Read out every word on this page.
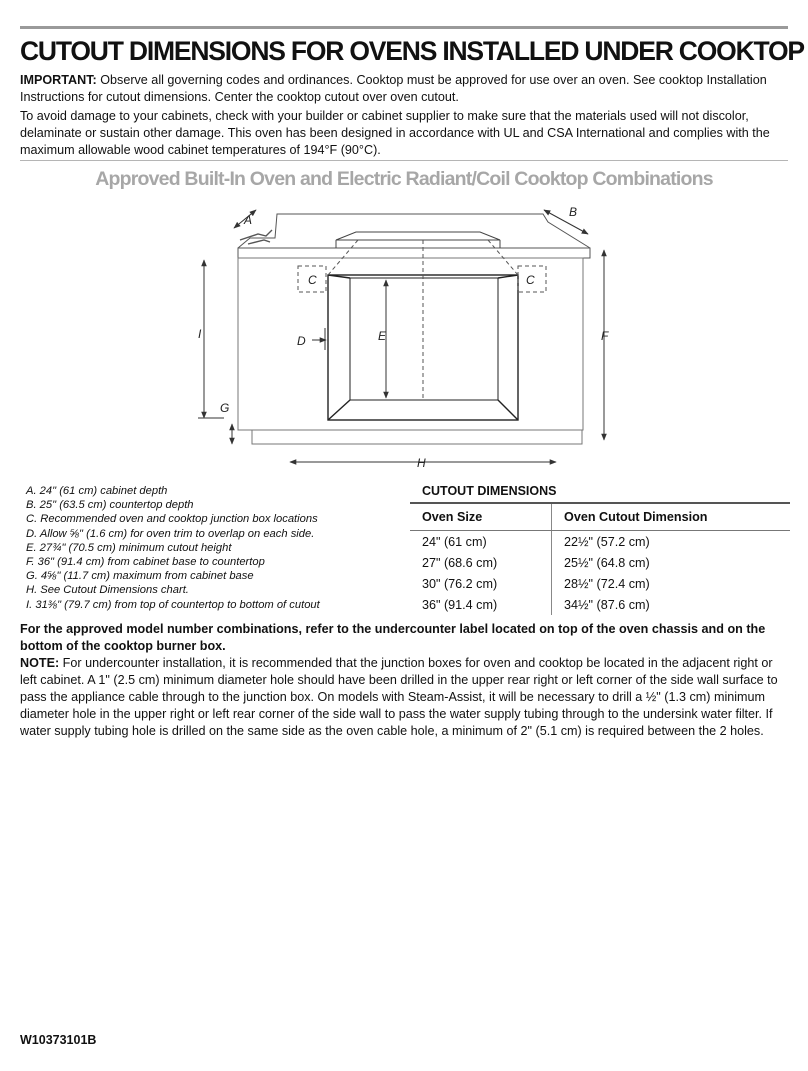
CUTOUT DIMENSIONS FOR OVENS INSTALLED UNDER COOKTOP

IMPORTANT: Observe all governing codes and ordinances. Cooktop must be approved for use over an oven. See cooktop Installation Instructions for cutout dimensions. Center the cooktop cutout over oven cutout.

To avoid damage to your cabinets, check with your builder or cabinet supplier to make sure that the materials used will not discolor, delaminate or sustain other damage. This oven has been designed in accordance with UL and CSA International and complies with the maximum allowable wood cabinet temperatures of 194°F (90°C).

Approved Built-In Oven and Electric Radiant/Coil Cooktop Combinations
A
B
C	C
D	E	F
G
H
I
A. 24" (61 cm) cabinet depth
B. 25" (63.5 cm) countertop depth
C. Recommended oven and cooktop junction box locations
D. Allow ⅝" (1.6 cm) for oven trim to overlap on each side.
E. 27¾" (70.5 cm) minimum cutout height
F. 36" (91.4 cm) from cabinet base to countertop
G. 4⅝" (11.7 cm) maximum from cabinet base
H. See Cutout Dimensions chart.
I. 31⅜" (79.7 cm) from top of countertop to bottom of cutout
CUTOUT DIMENSIONS
Oven Size	Oven Cutout Dimension
24" (61 cm)	22½" (57.2 cm)
27" (68.6 cm)	25½" (64.8 cm)
30" (76.2 cm)	28½" (72.4 cm)
36" (91.4 cm)	34½" (87.6 cm)

For the approved model number combinations, refer to the undercounter label located on top of the oven chassis and on the bottom of the cooktop burner box.

NOTE: For undercounter installation, it is recommended that the junction boxes for oven and cooktop be located in the adjacent right or left cabinet. A 1" (2.5 cm) minimum diameter hole should have been drilled in the upper rear right or left corner of the side wall surface to pass the appliance cable through to the junction box. On models with Steam-Assist, it will be necessary to drill a ½" (1.3 cm) minimum diameter hole in the upper right or left rear corner of the side wall to pass the water supply tubing through to the undersink water filter. If water supply tubing hole is drilled on the same side as the oven cable hole, a minimum of 2" (5.1 cm) is required between the 2 holes.

W10373101B
